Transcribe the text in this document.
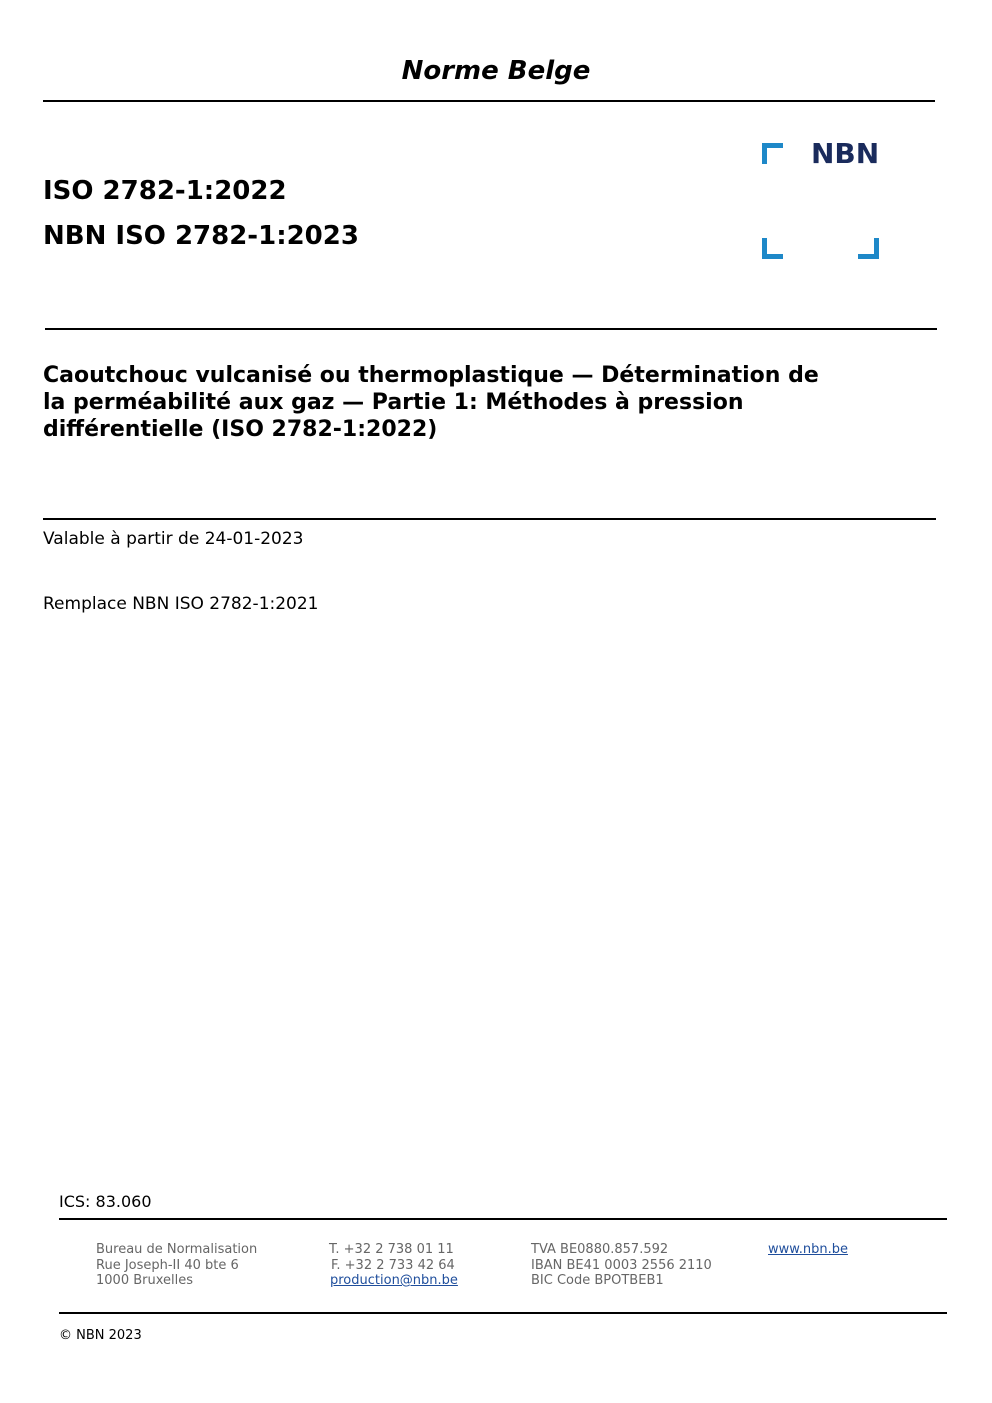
Norme Belge
ISO 2782-1:2022
NBN ISO 2782-1:2023
NBN
Caoutchouc vulcanisé ou thermoplastique — Détermination de
la perméabilité aux gaz — Partie 1: Méthodes à pression
différentielle (ISO 2782-1:2022)
Valable à partir de 24-01-2023
Remplace NBN ISO 2782-1:2021
ICS: 83.060
Bureau de Normalisation
Rue Joseph-II 40 bte 6
1000 Bruxelles
T. +32 2 738 01 11
F. +32 2 733 42 64
production@nbn.be
TVA BE0880.857.592
IBAN BE41 0003 2556 2110
BIC Code BPOTBEB1
www.nbn.be
© NBN 2023
